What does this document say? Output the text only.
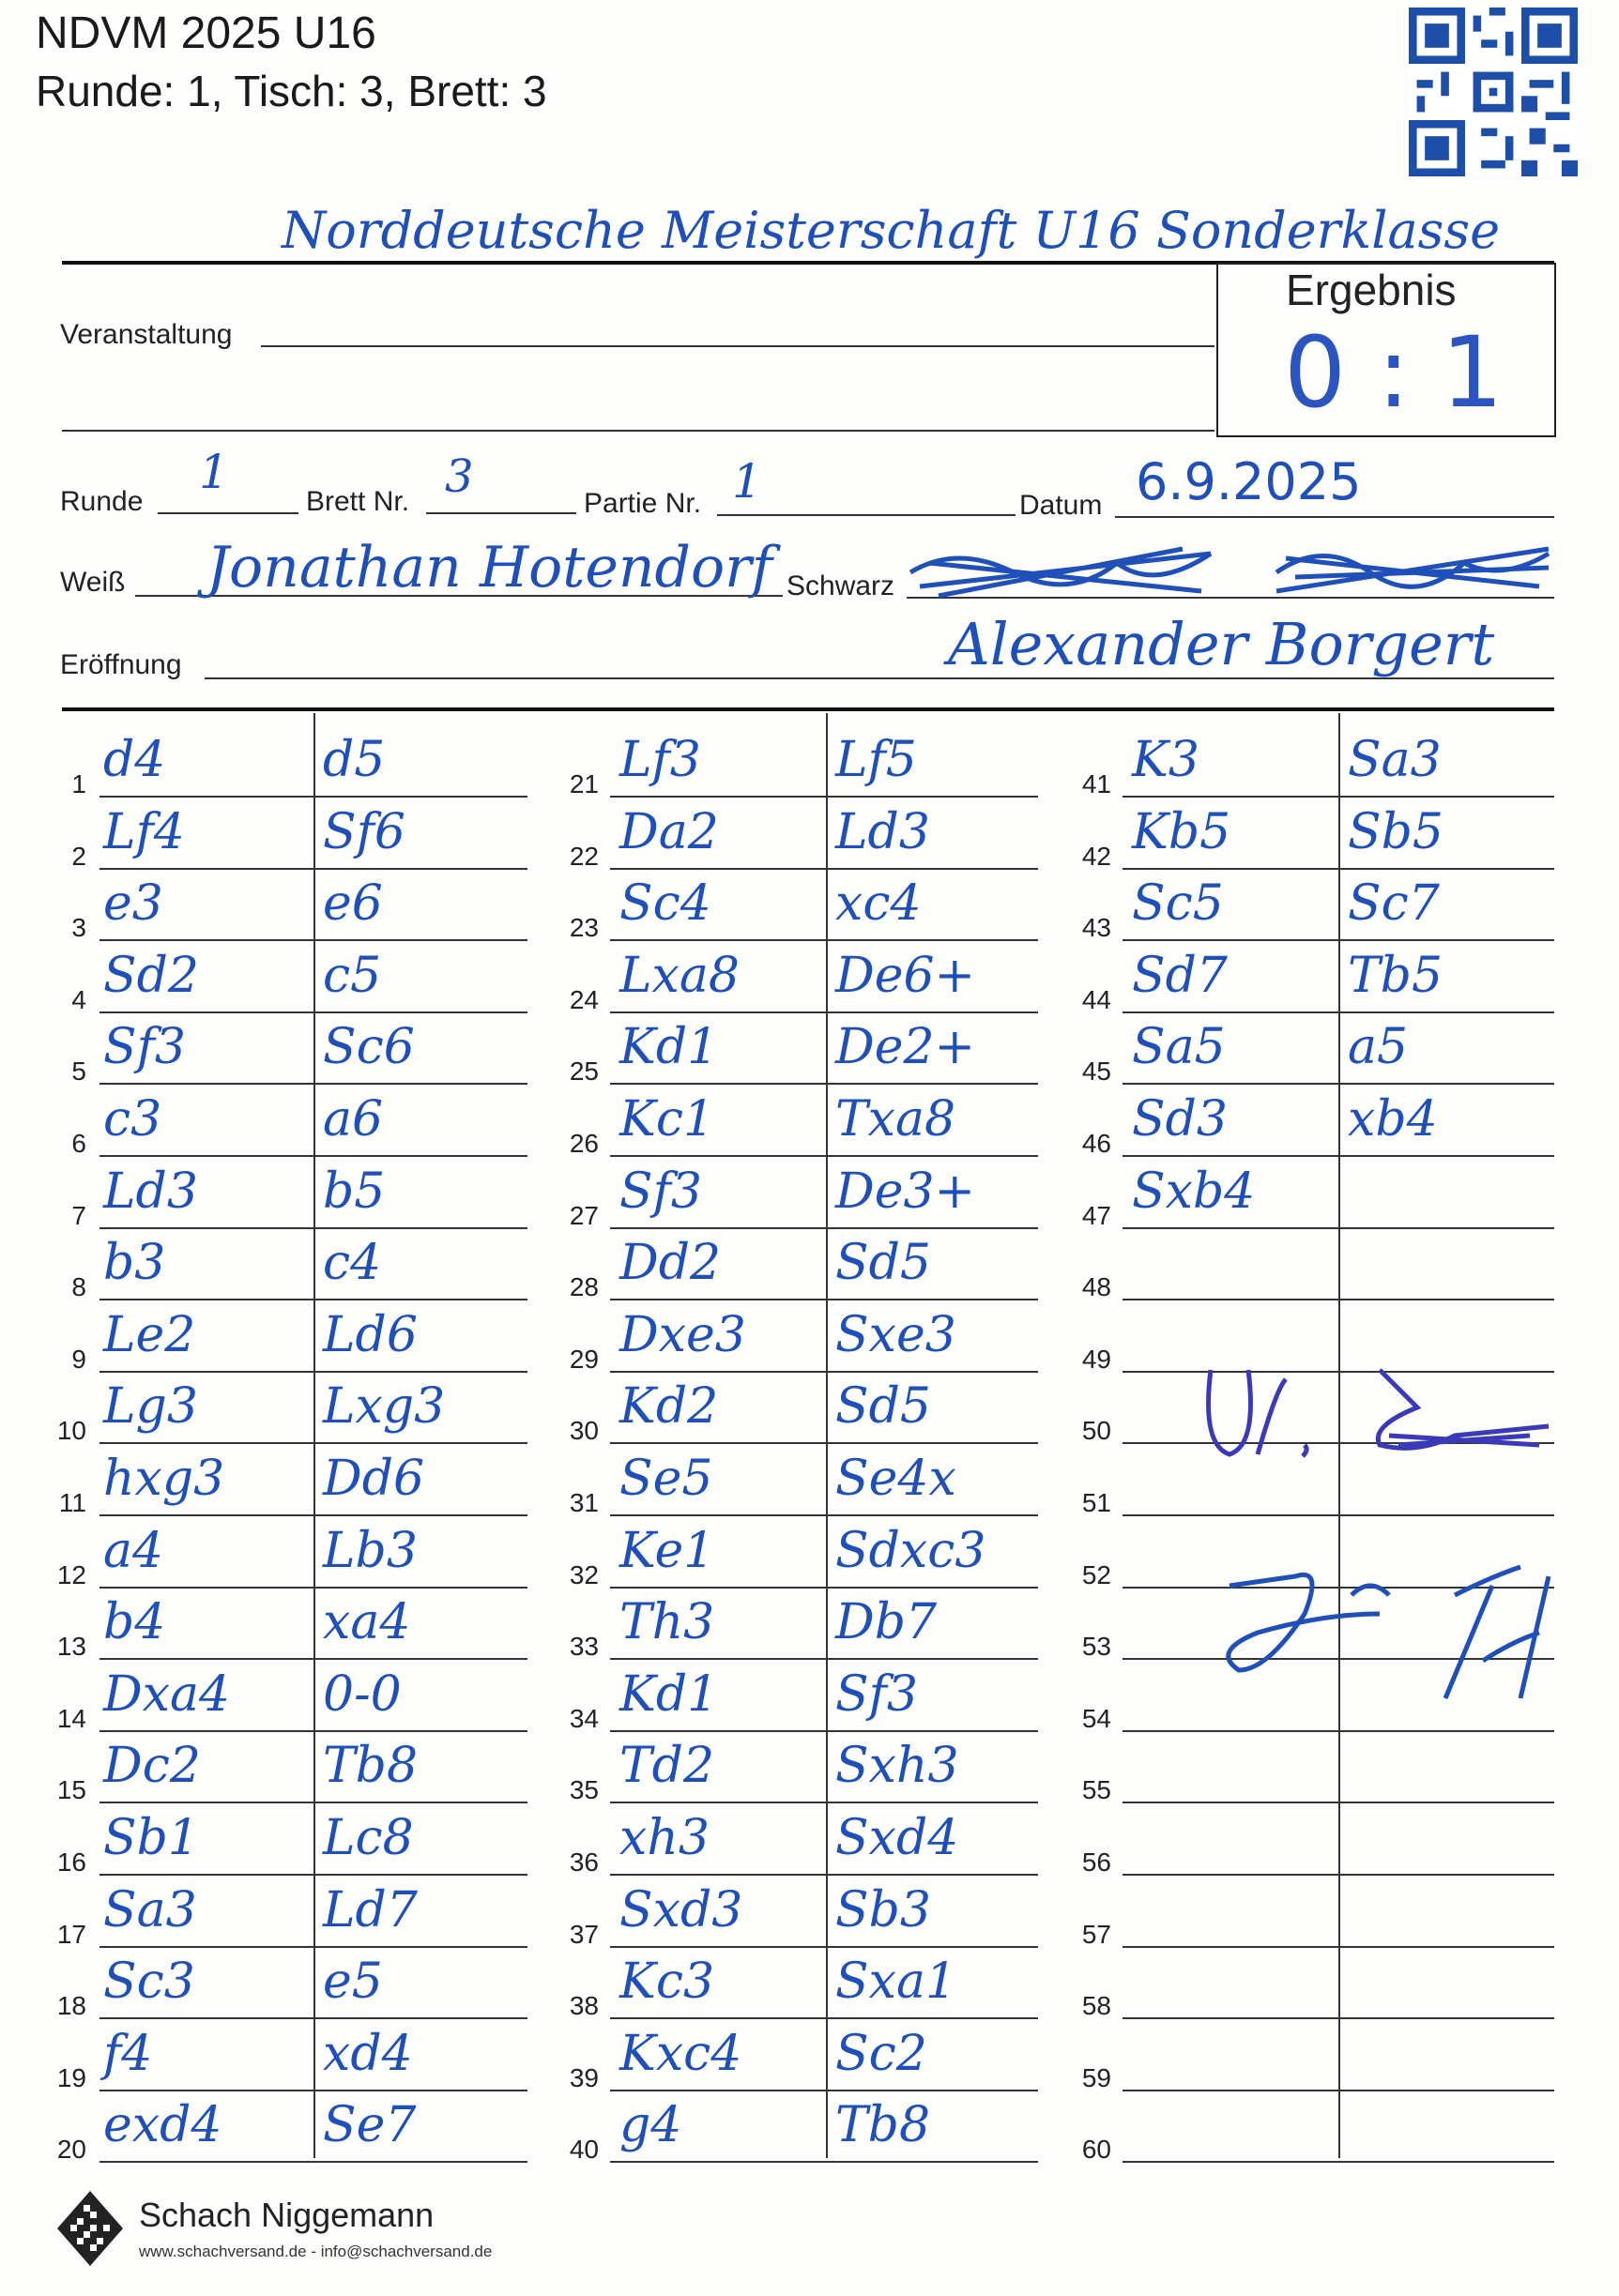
NDVM 2025 U16
Runde: 1, Tisch: 3, Brett: 3
Norddeutsche Meisterschaft U16 Sonderklasse
Ergebnis
0 : 1
Veranstaltung
Runde
1
Brett Nr. 3
Partie Nr. 1	Datum 6.9.2025
Weiß Jonathan Hotendorf Schwarz
Eröffnung	Alexander Borgert
1 d4	d5
2 Lf4	Sf6
3 e3	e6
4 Sd2	c5
5 Sf3	Sc6
6 c3	a6
7 Ld3	b5
8 b3	c4
9 Le2	Ld6
10 Lg3	Lxg3
11 hxg3 Dd6
12 a4	Lb3
13 b4	xa4
14 Dxa4 0-0
15 Dc2	Tb8
16 Sb1	Lc8
17 Sa3	Ld7
18 Sc3	e5
19 f4	xd4
20 exd4 Se7
21 Lf3	Lf5
22 Da2 Ld3
23 Sc4	xc4
24 Lxa8 De6+
25 Kd1 De2+
26 Kc1 Txa8
27 Sf3	De3+
28 Dd2 Sd5
29 Dxe3 Sxe3
30 Kd2 Sd5
31 Se5	Se4x
32 Ke1 Sdxc3
33 Th3 Db7
34 Kd1 Sf3
35 Td2 Sxh3
36 xh3	Sxd4
37 Sxd3 Sb3
38 Kc3 Sxa1
39 Kxc4 Sc2
40 g4	Tb8
41 K3	Sa3
42 Kb5 Sb5
43 Sc5	Sc7
44 Sd7 Tb5
45 Sa5	a5
46 Sd3 xb4
47 Sxb4
48
49
50
51
52
53
54
55
56
57
58
59
60
Schach Niggemann
www.schachversand.de - info@schachversand.de
